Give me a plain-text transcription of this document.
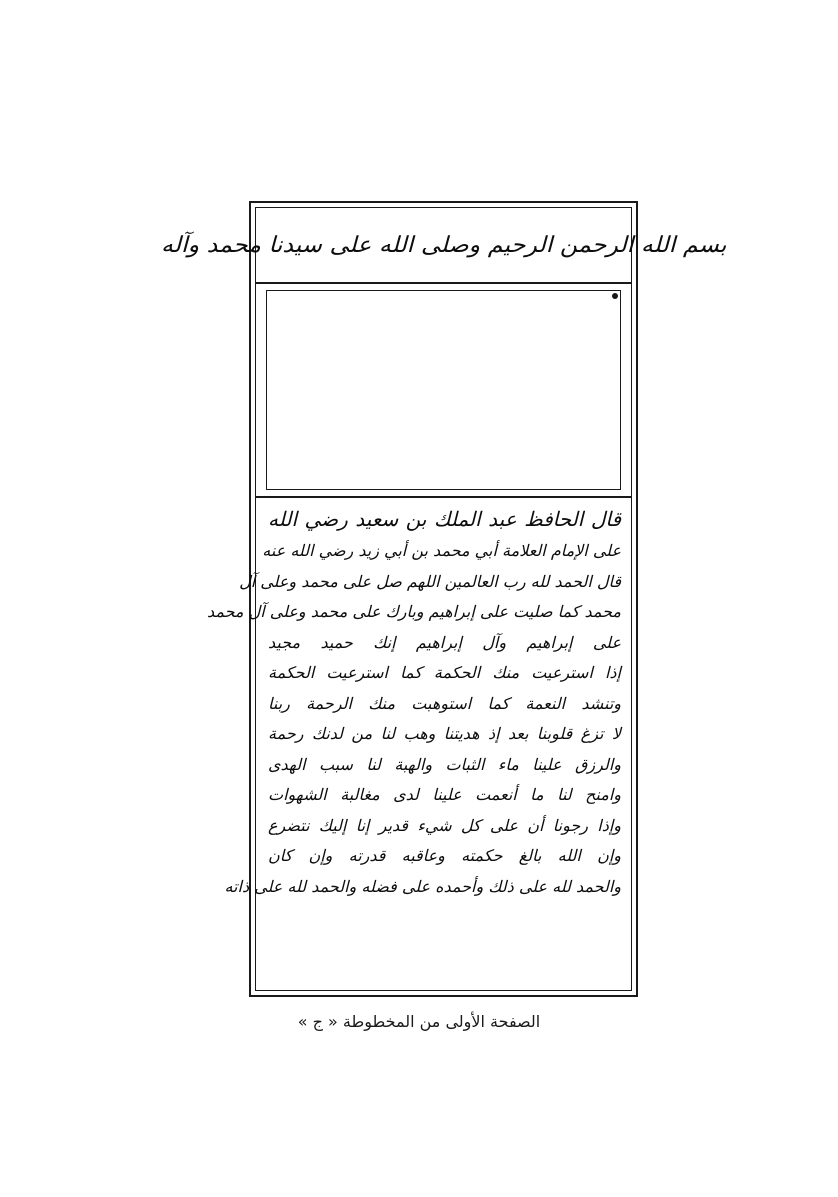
بسم الله الرحمن الرحيم وصلى الله على سيدنا محمد وآله
قال الحافظ عبد الملك بن سعيد رضي الله
على الإمام العلامة أبي محمد بن أبي زيد رضي الله عنه
قال الحمد لله رب العالمين اللهم صل على محمد وعلى آل
محمد كما صليت على إبراهيم وبارك على محمد وعلى آل محمد
على إبراهيم وآل إبراهيم إنك حميد مجيد
إذا استرعيت منك الحكمة كما استرعيت الحكمة
وتنشد النعمة كما استوهبت منك الرحمة ربنا
لا تزغ قلوبنا بعد إذ هديتنا وهب لنا من لدنك رحمة
والرزق علينا ماء الثبات والهبة لنا سبب الهدى
وامنح لنا ما أنعمت علينا لدى مغالبة الشهوات
وإذا رجونا أن على كل شيء قدير إنا إليك نتضرع
وإن الله بالغ حكمته وعاقبه قدرته وإن كان
والحمد لله على ذلك وأحمده على فضله والحمد لله على ذاته
الصفحة الأولى من المخطوطة « ج »
